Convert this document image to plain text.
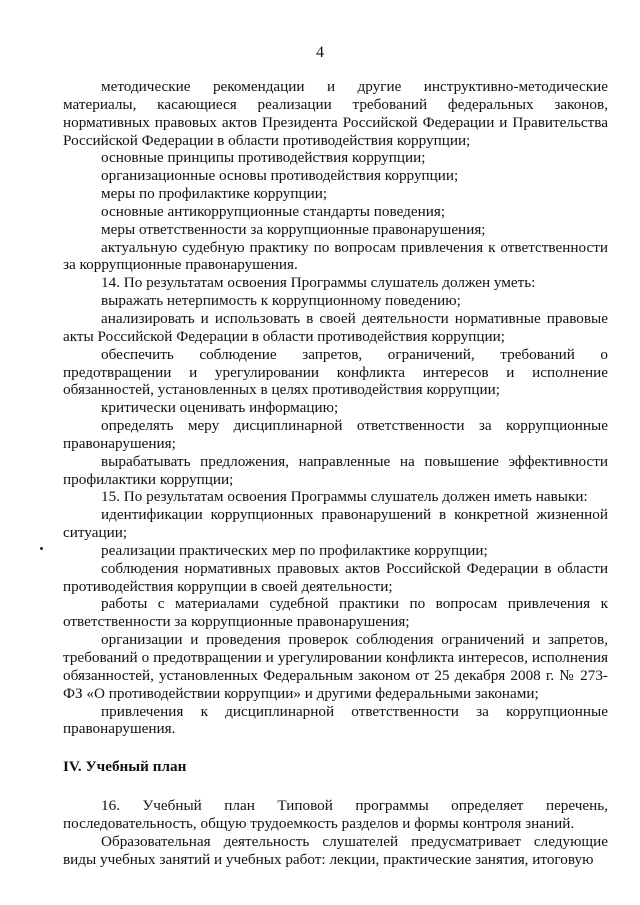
4

методические рекомендации и другие инструктивно-методические материалы, касающиеся реализации требований федеральных законов, нормативных правовых актов Президента Российской Федерации и Правительства Российской Федерации в области противодействия коррупции;

основные принципы противодействия коррупции;

организационные основы противодействия коррупции;

меры по профилактике коррупции;

основные антикоррупционные стандарты поведения;

меры ответственности за коррупционные правонарушения;

актуальную судебную практику по вопросам привлечения к ответственности за коррупционные правонарушения.

14. По результатам освоения Программы слушатель должен уметь:

выражать нетерпимость к коррупционному поведению;

анализировать и использовать в своей деятельности нормативные правовые акты Российской Федерации в области противодействия коррупции;

обеспечить соблюдение запретов, ограничений, требований о предотвращении и урегулировании конфликта интересов и исполнение обязанностей, установленных в целях противодействия коррупции;

критически оценивать информацию;

определять меру дисциплинарной ответственности за коррупционные правонарушения;

вырабатывать предложения, направленные на повышение эффективности профилактики коррупции;

15. По результатам освоения Программы слушатель должен иметь навыки:

идентификации коррупционных правонарушений в конкретной жизненной ситуации;

реализации практических мер по профилактике коррупции;

соблюдения нормативных правовых актов Российской Федерации в области противодействия коррупции в своей деятельности;

работы с материалами судебной практики по вопросам привлечения к ответственности за коррупционные правонарушения;

организации и проведения проверок соблюдения ограничений и запретов, требований о предотвращении и урегулировании конфликта интересов, исполнения обязанностей, установленных Федеральным законом от 25 декабря 2008 г. № 273-ФЗ «О противодействии коррупции» и другими федеральными законами;

привлечения к дисциплинарной ответственности за коррупционные правонарушения.

IV. Учебный план

16. Учебный план Типовой программы определяет перечень, последовательность, общую трудоемкость разделов и формы контроля знаний.

Образовательная деятельность слушателей предусматривает следующие виды учебных занятий и учебных работ: лекции, практические занятия, итоговую
